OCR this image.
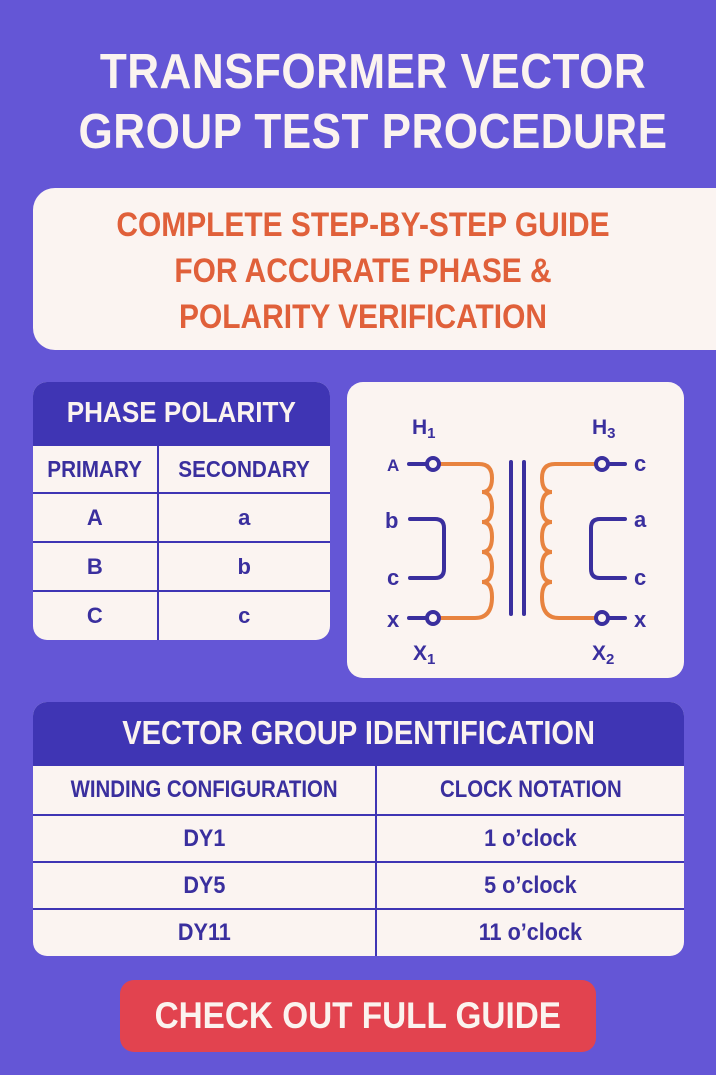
TRANSFORMER VECTOR
GROUP TEST PROCEDURE
COMPLETE STEP-BY-STEP GUIDE
FOR ACCURATE PHASE &
POLARITY VERIFICATION
PHASE POLARITY
PRIMARY	SECONDARY
A	a
B	b
C	c
H1	H3
X1	X2
A
b
c
x
c
a
c
x
VECTOR GROUP IDENTIFICATION
WINDING CONFIGURATION	CLOCK NOTATION
DY1	1 o’clock
DY5	5 o’clock
DY11	11 o’clock
CHECK OUT FULL GUIDE
